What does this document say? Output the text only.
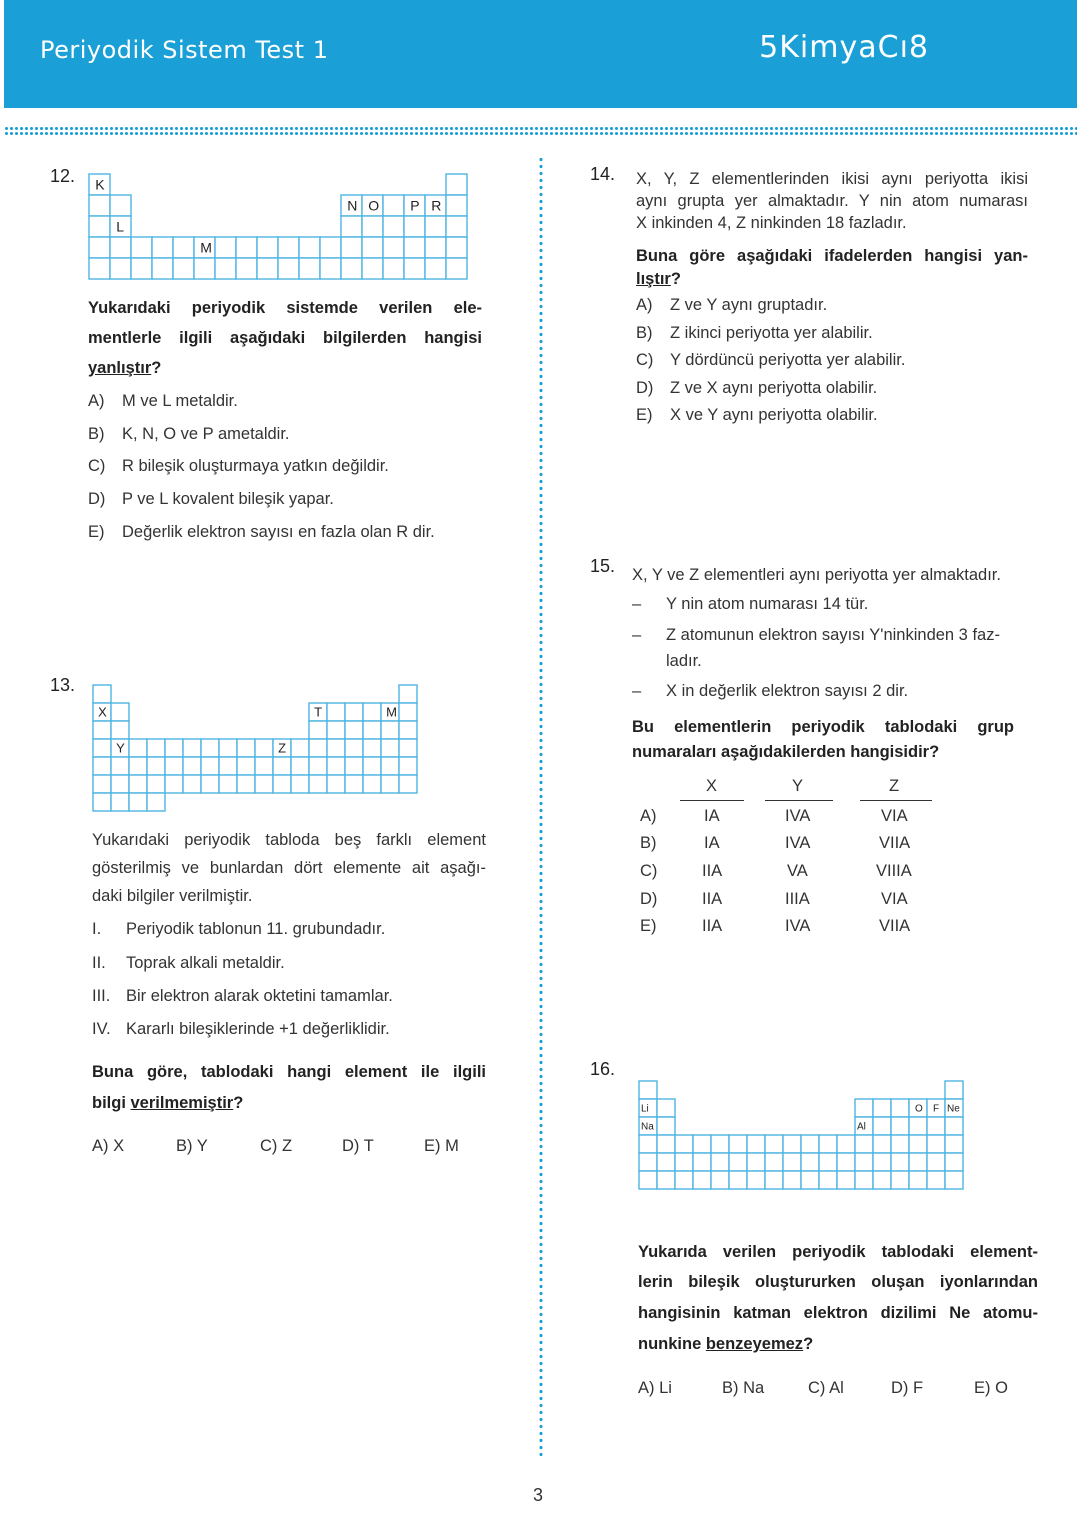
Periyodik Sistem Test 1	5KimyaCı8
12. K
N O P R
L
M
Yukarıdaki periyodik sistemde verilen ele-
mentlerle ilgili aşağıdaki bilgilerden hangisi
yanlıştır?
A) M ve L metaldir.
B) K, N, O ve P ametaldir.
C) R bileşik oluşturmaya yatkın değildir.
D) P ve L kovalent bileşik yapar.
E) Değerlik elektron sayısı en fazla olan R dir.
13.
X	T	M
Y	Z
Yukarıdaki periyodik tabloda beş farklı element
gösterilmiş ve bunlardan dört elemente ait aşağı-
daki bilgiler verilmiştir.
I. Periyodik tablonun 11. grubundadır.
II. Toprak alkali metaldir.
III. Bir elektron alarak oktetini tamamlar.
IV. Kararlı bileşiklerinde +1 değerliklidir.
Buna göre, tablodaki hangi element ile ilgili
bilgi verilmemiştir?
A) X	B) Y	C) Z	D) T	E) M
14. X, Y, Z elementlerinden ikisi aynı periyotta ikisi
aynı grupta yer almaktadır. Y nin atom numarası
X inkinden 4, Z ninkinden 18 fazladır.
Buna göre aşağıdaki ifadelerden hangisi yan-
lıştır?
A) Z ve Y aynı gruptadır.
B) Z ikinci periyotta yer alabilir.
C) Y dördüncü periyotta yer alabilir.
D) Z ve X aynı periyotta olabilir.
E) X ve Y aynı periyotta olabilir.
15. X, Y ve Z elementleri aynı periyotta yer almaktadır.
– Y nin atom numarası 14 tür.
– Z atomunun elektron sayısı Y'ninkinden 3 faz-
ladır.
– X in değerlik elektron sayısı 2 dir.
Bu elementlerin periyodik tablodaki grup
numaraları aşağıdakilerden hangisidir?
X	Y	Z
A)	IA	IVA	VIA
B)	IA	IVA	VIIA
C)	IIA	VA	VIIIA
D)	IIA	IIIA	VIA
E)	IIA	IVA	VIIA
16.
Li	O F Ne
Na	Al
Yukarıda verilen periyodik tablodaki element-
lerin bileşik oluştururken oluşan iyonlarından
hangisinin katman elektron dizilimi Ne atomu-
nunkine benzeyemez?
A) Li	B) Na	C) Al	D) F	E) O
3
